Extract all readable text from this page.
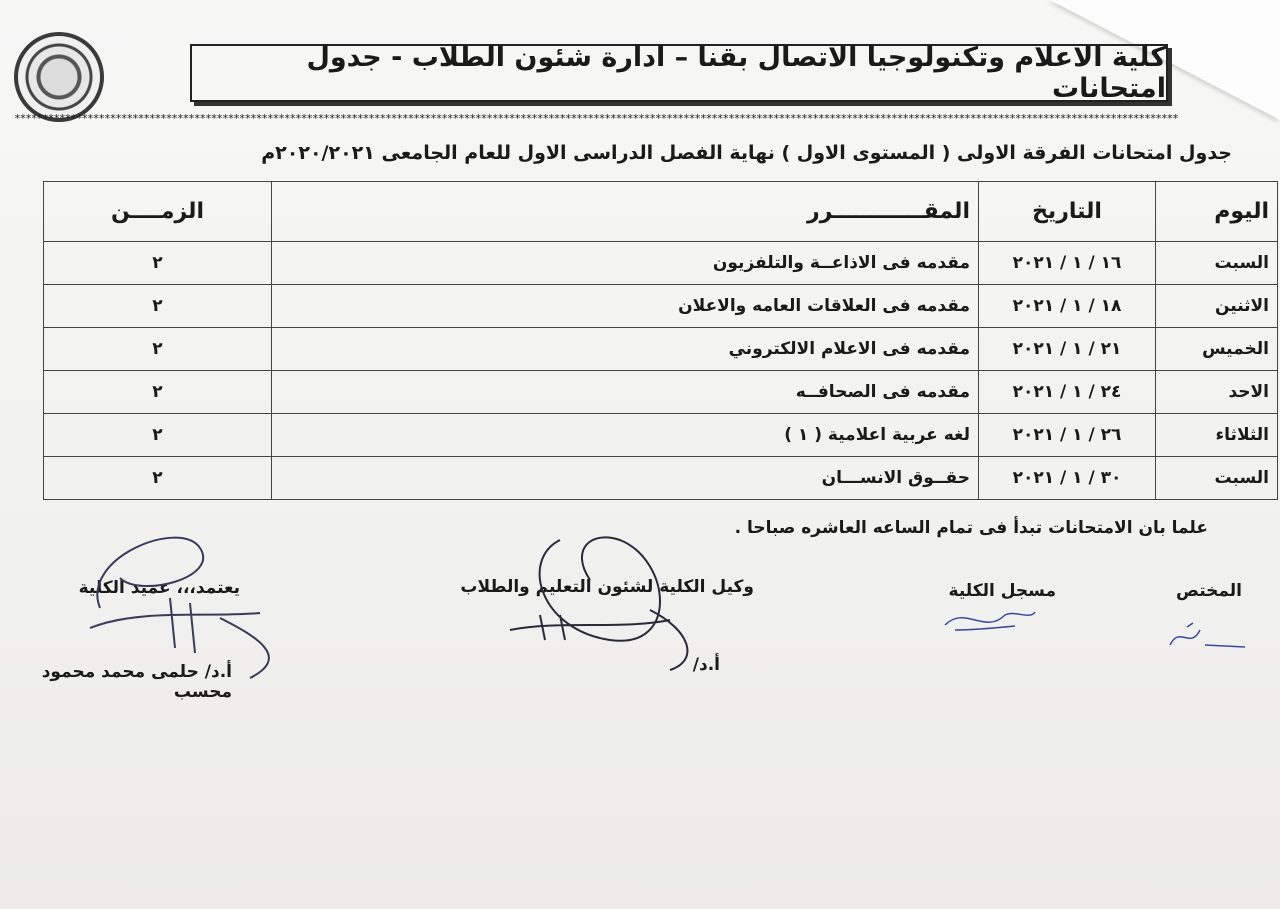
كلية الاعلام وتكنولوجيا الاتصال بقنا – ادارة شئون الطلاب - جدول امتحانات
***************************************************************************************************************************************************************************************************************
جدول امتحانات الفرقة الاولى ( المستوى الاول ) نهاية الفصل الدراسى الاول للعام الجامعى ٢٠٢٠/٢٠٢١م
اليوم	التاريخ	المقــــــــــــرر	الزمــــن
السبت	١٦ / ١ / ٢٠٢١	مقدمه فى الاذاعــة والتلفزيون	٢
الاثنين	١٨ / ١ / ٢٠٢١	مقدمه فى العلاقات العامه والاعلان	٢
الخميس	٢١ / ١ / ٢٠٢١	مقدمه فى الاعلام الالكتروني	٢
الاحد	٢٤ / ١ / ٢٠٢١	مقدمه فى الصحافــه	٢
الثلاثاء	٢٦ / ١ / ٢٠٢١	لغه عربية اعلامية ( ١ )	٢
السبت	٣٠ / ١ / ٢٠٢١	حقــوق الانســـان	٢
علما بان الامتحانات تبدأ فى تمام الساعه العاشره صباحا .
المختص
مسجل الكلية
وكيل الكلية لشئون التعليم والطلاب
أ.د/
يعتمد،،، عميد الكلية
أ.د/ حلمى محمد محمود محسب
